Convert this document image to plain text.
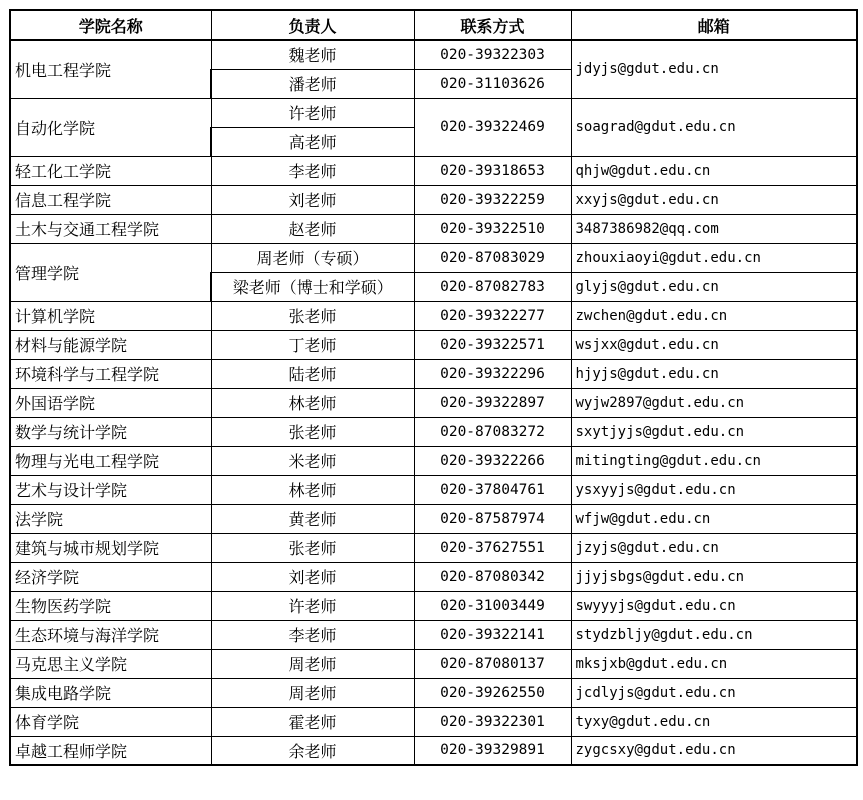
学院名称	负责人	联系方式	邮箱
机电工程学院	魏老师	020-39322303	jdyjs@gdut.edu.cn
	潘老师	020-31103626	
自动化学院	许老师	020-39322469	soagrad@gdut.edu.cn
	高老师		
轻工化工学院	李老师	020-39318653	qhjw@gdut.edu.cn
信息工程学院	刘老师	020-39322259	xxyjs@gdut.edu.cn
土木与交通工程学院	赵老师	020-39322510	3487386982@qq.com
管理学院	周老师（专硕）	020-87083029	zhouxiaoyi@gdut.edu.cn
	梁老师（博士和学硕）	020-87082783	glyjs@gdut.edu.cn
计算机学院	张老师	020-39322277	zwchen@gdut.edu.cn
材料与能源学院	丁老师	020-39322571	wsjxx@gdut.edu.cn
环境科学与工程学院	陆老师	020-39322296	hjyjs@gdut.edu.cn
外国语学院	林老师	020-39322897	wyjw2897@gdut.edu.cn
数学与统计学院	张老师	020-87083272	sxytjyjs@gdut.edu.cn
物理与光电工程学院	米老师	020-39322266	mitingting@gdut.edu.cn
艺术与设计学院	林老师	020-37804761	ysxyyjs@gdut.edu.cn
法学院	黄老师	020-87587974	wfjw@gdut.edu.cn
建筑与城市规划学院	张老师	020-37627551	jzyjs@gdut.edu.cn
经济学院	刘老师	020-87080342	jjyjsbgs@gdut.edu.cn
生物医药学院	许老师	020-31003449	swyyyjs@gdut.edu.cn
生态环境与海洋学院	李老师	020-39322141	stydzbljy@gdut.edu.cn
马克思主义学院	周老师	020-87080137	mksjxb@gdut.edu.cn
集成电路学院	周老师	020-39262550	jcdlyjs@gdut.edu.cn
体育学院	霍老师	020-39322301	tyxy@gdut.edu.cn
卓越工程师学院	余老师	020-39329891	zygcsxy@gdut.edu.cn
